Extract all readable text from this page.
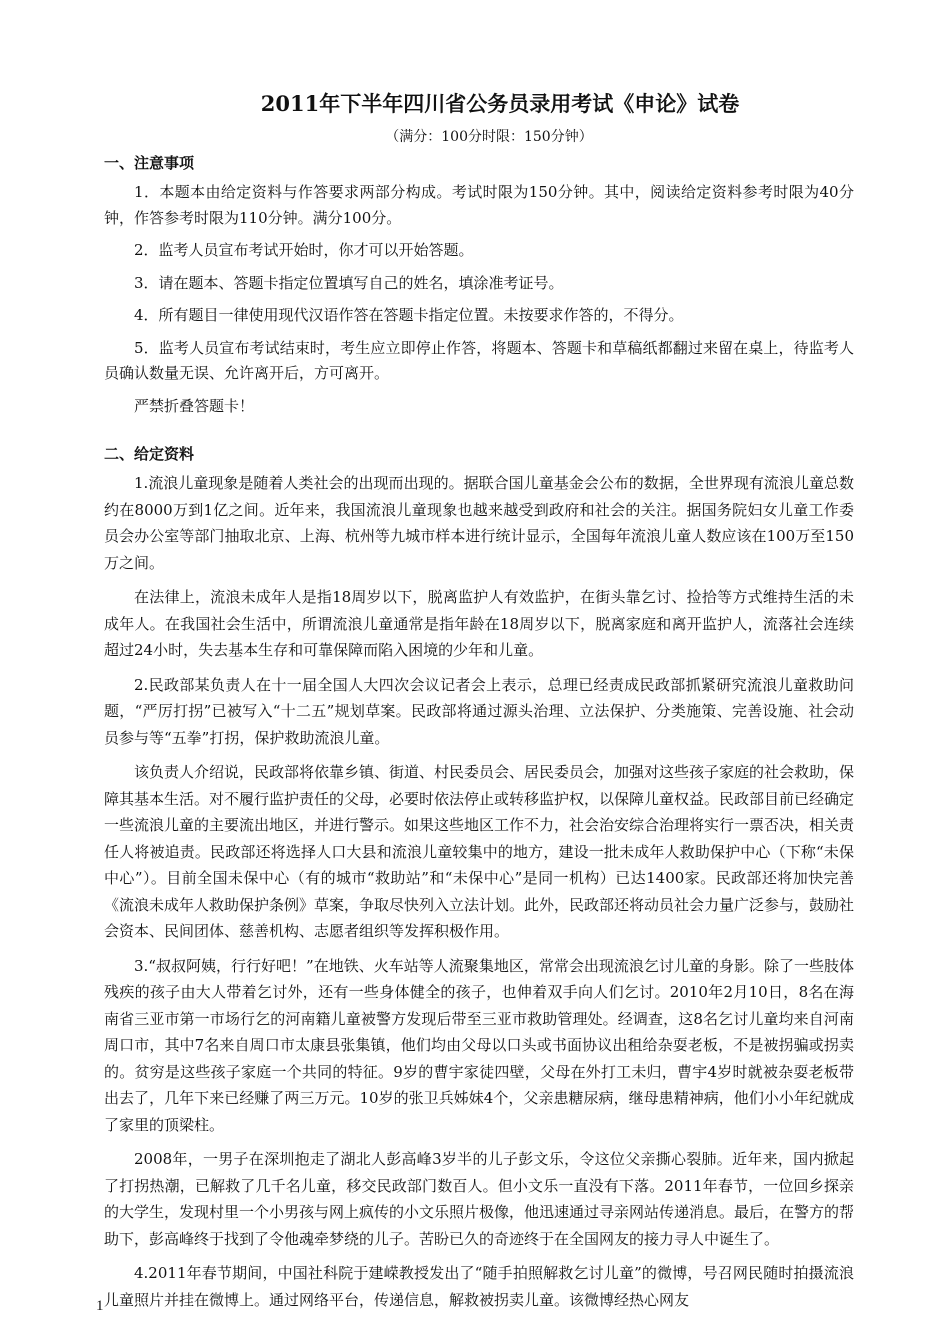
2011年下半年四川省公务员录用考试《申论》试卷
（满分：100分时限：150分钟）
一、注意事项

1．本题本由给定资料与作答要求两部分构成。考试时限为150分钟。其中，阅读给定资料参考时限为40分钟，作答参考时限为110分钟。满分100分。

2．监考人员宣布考试开始时，你才可以开始答题。

3．请在题本、答题卡指定位置填写自己的姓名，填涂准考证号。

4．所有题目一律使用现代汉语作答在答题卡指定位置。未按要求作答的，不得分。

5．监考人员宣布考试结束时，考生应立即停止作答，将题本、答题卡和草稿纸都翻过来留在桌上，待监考人员确认数量无误、允许离开后，方可离开。

严禁折叠答题卡！

二、给定资料

1.流浪儿童现象是随着人类社会的出现而出现的。据联合国儿童基金会公布的数据，全世界现有流浪儿童总数约在8000万到1亿之间。近年来，我国流浪儿童现象也越来越受到政府和社会的关注。据国务院妇女儿童工作委员会办公室等部门抽取北京、上海、杭州等九城市样本进行统计显示，全国每年流浪儿童人数应该在100万至150万之间。

在法律上，流浪未成年人是指18周岁以下，脱离监护人有效监护，在街头靠乞讨、捡拾等方式维持生活的未成年人。在我国社会生活中，所谓流浪儿童通常是指年龄在18周岁以下，脱离家庭和离开监护人，流落社会连续超过24小时，失去基本生存和可靠保障而陷入困境的少年和儿童。

2.民政部某负责人在十一届全国人大四次会议记者会上表示，总理已经责成民政部抓紧研究流浪儿童救助问题，“严厉打拐”已被写入“十二五”规划草案。民政部将通过源头治理、立法保护、分类施策、完善设施、社会动员参与等“五拳”打拐，保护救助流浪儿童。

该负责人介绍说，民政部将依靠乡镇、街道、村民委员会、居民委员会，加强对这些孩子家庭的社会救助，保障其基本生活。对不履行监护责任的父母，必要时依法停止或转移监护权，以保障儿童权益。民政部目前已经确定一些流浪儿童的主要流出地区，并进行警示。如果这些地区工作不力，社会治安综合治理将实行一票否决，相关责任人将被追责。民政部还将选择人口大县和流浪儿童较集中的地方，建设一批未成年人救助保护中心（下称“未保中心”）。目前全国未保中心（有的城市“救助站”和“未保中心”是同一机构）已达1400家。民政部还将加快完善《流浪未成年人救助保护条例》草案，争取尽快列入立法计划。此外，民政部还将动员社会力量广泛参与，鼓励社会资本、民间团体、慈善机构、志愿者组织等发挥积极作用。

3.“叔叔阿姨，行行好吧！”在地铁、火车站等人流聚集地区，常常会出现流浪乞讨儿童的身影。除了一些肢体残疾的孩子由大人带着乞讨外，还有一些身体健全的孩子，也伸着双手向人们乞讨。2010年2月10日，8名在海南省三亚市第一市场行乞的河南籍儿童被警方发现后带至三亚市救助管理处。经调查，这8名乞讨儿童均来自河南周口市，其中7名来自周口市太康县张集镇，他们均由父母以口头或书面协议出租给杂耍老板，不是被拐骗或拐卖的。贫穷是这些孩子家庭一个共同的特征。9岁的曹宇家徒四壁，父母在外打工未归，曹宇4岁时就被杂耍老板带出去了，几年下来已经赚了两三万元。10岁的张卫兵姊妹4个，父亲患糖尿病，继母患精神病，他们小小年纪就成了家里的顶梁柱。

2008年，一男子在深圳抱走了湖北人彭高峰3岁半的儿子彭文乐，令这位父亲撕心裂肺。近年来，国内掀起了打拐热潮，已解救了几千名儿童，移交民政部门数百人。但小文乐一直没有下落。2011年春节，一位回乡探亲的大学生，发现村里一个小男孩与网上疯传的小文乐照片极像，他迅速通过寻亲网站传递消息。最后，在警方的帮助下，彭高峰终于找到了令他魂牵梦绕的儿子。苦盼已久的奇迹终于在全国网友的接力寻人中诞生了。

4.2011年春节期间，中国社科院于建嵘教授发出了“随手拍照解救乞讨儿童”的微博，号召网民随时拍摄流浪儿童照片并挂在微博上。通过网络平台，传递信息，解救被拐卖儿童。该微博经热心网友

1
